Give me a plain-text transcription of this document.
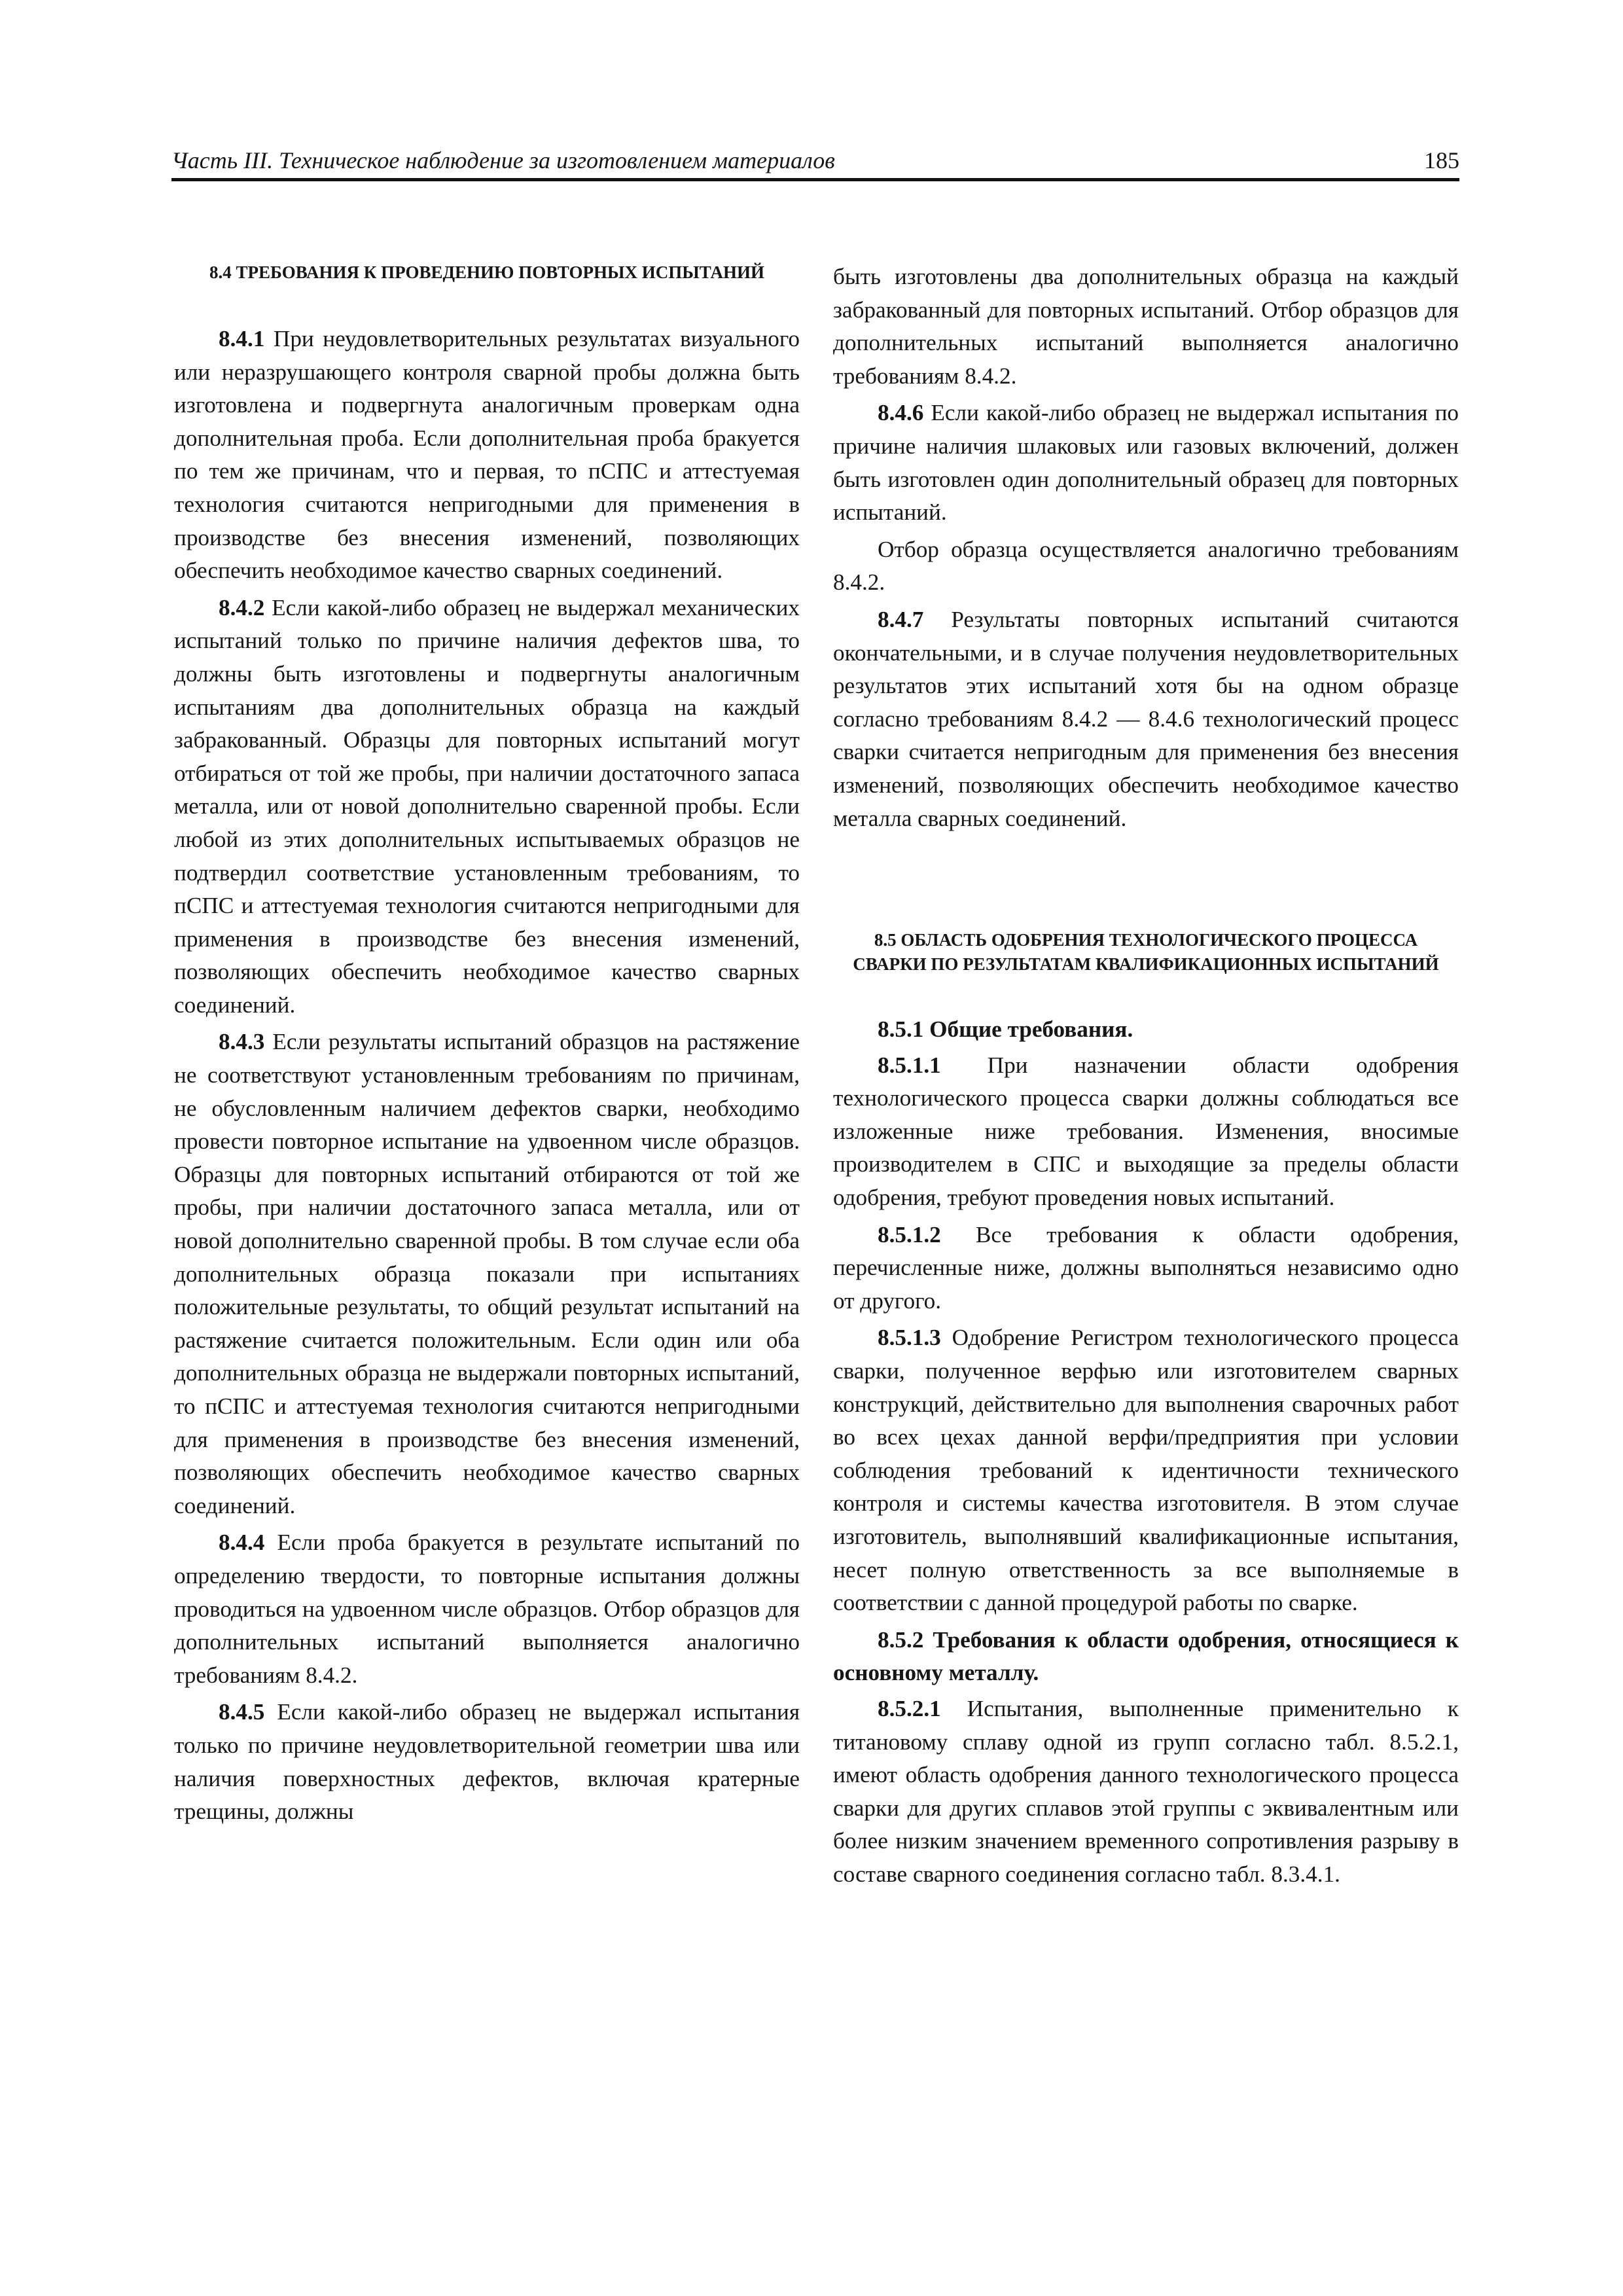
Часть III. Техническое наблюдение за изготовлением материалов	185
8.4 ТРЕБОВАНИЯ К ПРОВЕДЕНИЮ ПОВТОРНЫХ ИСПЫТАНИЙ

8.4.1 При неудовлетворительных результатах визуального или неразрушающего контроля сварной пробы должна быть изготовлена и подвергнута аналогичным проверкам одна дополнительная проба. Если дополнительная проба бракуется по тем же причинам, что и первая, то пСПС и аттестуемая технология считаются непригодными для применения в производстве без внесения изменений, позволяющих обеспечить необходимое качество сварных соединений.

8.4.2 Если какой-либо образец не выдержал механических испытаний только по причине наличия дефектов шва, то должны быть изготовлены и подвергнуты аналогичным испытаниям два дополнительных образца на каждый забракованный. Образцы для повторных испытаний могут отбираться от той же пробы, при наличии достаточного запаса металла, или от новой дополнительно сваренной пробы. Если любой из этих дополнительных испытываемых образцов не подтвердил соответствие установленным требованиям, то пСПС и аттестуемая технология считаются непригодными для применения в производстве без внесения изменений, позволяющих обеспечить необходимое качество сварных соединений.

8.4.3 Если результаты испытаний образцов на растяжение не соответствуют установленным требованиям по причинам, не обусловленным наличием дефектов сварки, необходимо провести повторное испытание на удвоенном числе образцов. Образцы для повторных испытаний отбираются от той же пробы, при наличии достаточного запаса металла, или от новой дополнительно сваренной пробы. В том случае если оба дополнительных образца показали при испытаниях положительные результаты, то общий результат испытаний на растяжение считается положительным. Если один или оба дополнительных образца не выдержали повторных испытаний, то пСПС и аттестуемая технология считаются непригодными для применения в производстве без внесения изменений, позволяющих обеспечить необходимое качество сварных соединений.

8.4.4 Если проба бракуется в результате испытаний по определению твердости, то повторные испытания должны проводиться на удвоенном числе образцов. Отбор образцов для дополнительных испытаний выполняется аналогично требованиям 8.4.2.

8.4.5 Если какой-либо образец не выдержал испытания только по причине неудовлетворительной геометрии шва или наличия поверхностных дефектов, включая кратерные трещины, должны

быть изготовлены два дополнительных образца на каждый забракованный для повторных испытаний. Отбор образцов для дополнительных испытаний выполняется аналогично требованиям 8.4.2.

8.4.6 Если какой-либо образец не выдержал испытания по причине наличия шлаковых или газовых включений, должен быть изготовлен один дополнительный образец для повторных испытаний.

Отбор образца осуществляется аналогично требованиям 8.4.2.

8.4.7 Результаты повторных испытаний считаются окончательными, и в случае получения неудовлетворительных результатов этих испытаний хотя бы на одном образце согласно требованиям 8.4.2 — 8.4.6 технологический процесс сварки считается непригодным для применения без внесения изменений, позволяющих обеспечить необходимое качество металла сварных соединений.

8.5 ОБЛАСТЬ ОДОБРЕНИЯ ТЕХНОЛОГИЧЕСКОГО ПРОЦЕССА СВАРКИ ПО РЕЗУЛЬТАТАМ КВАЛИФИКАЦИОННЫХ ИСПЫТАНИЙ

8.5.1 Общие требования.

8.5.1.1 При назначении области одобрения технологического процесса сварки должны соблюдаться все изложенные ниже требования. Изменения, вносимые производителем в СПС и выходящие за пределы области одобрения, требуют проведения новых испытаний.

8.5.1.2 Все требования к области одобрения, перечисленные ниже, должны выполняться независимо одно от другого.

8.5.1.3 Одобрение Регистром технологического процесса сварки, полученное верфью или изготовителем сварных конструкций, действительно для выполнения сварочных работ во всех цехах данной верфи/предприятия при условии соблюдения требований к идентичности технического контроля и системы качества изготовителя. В этом случае изготовитель, выполнявший квалификационные испытания, несет полную ответственность за все выполняемые в соответствии с данной процедурой работы по сварке.

8.5.2 Требования к области одобрения, относящиеся к основному металлу.

8.5.2.1 Испытания, выполненные применительно к титановому сплаву одной из групп согласно табл. 8.5.2.1, имеют область одобрения данного технологического процесса сварки для других сплавов этой группы с эквивалентным или более низким значением временного сопротивления разрыву в составе сварного соединения согласно табл. 8.3.4.1.
